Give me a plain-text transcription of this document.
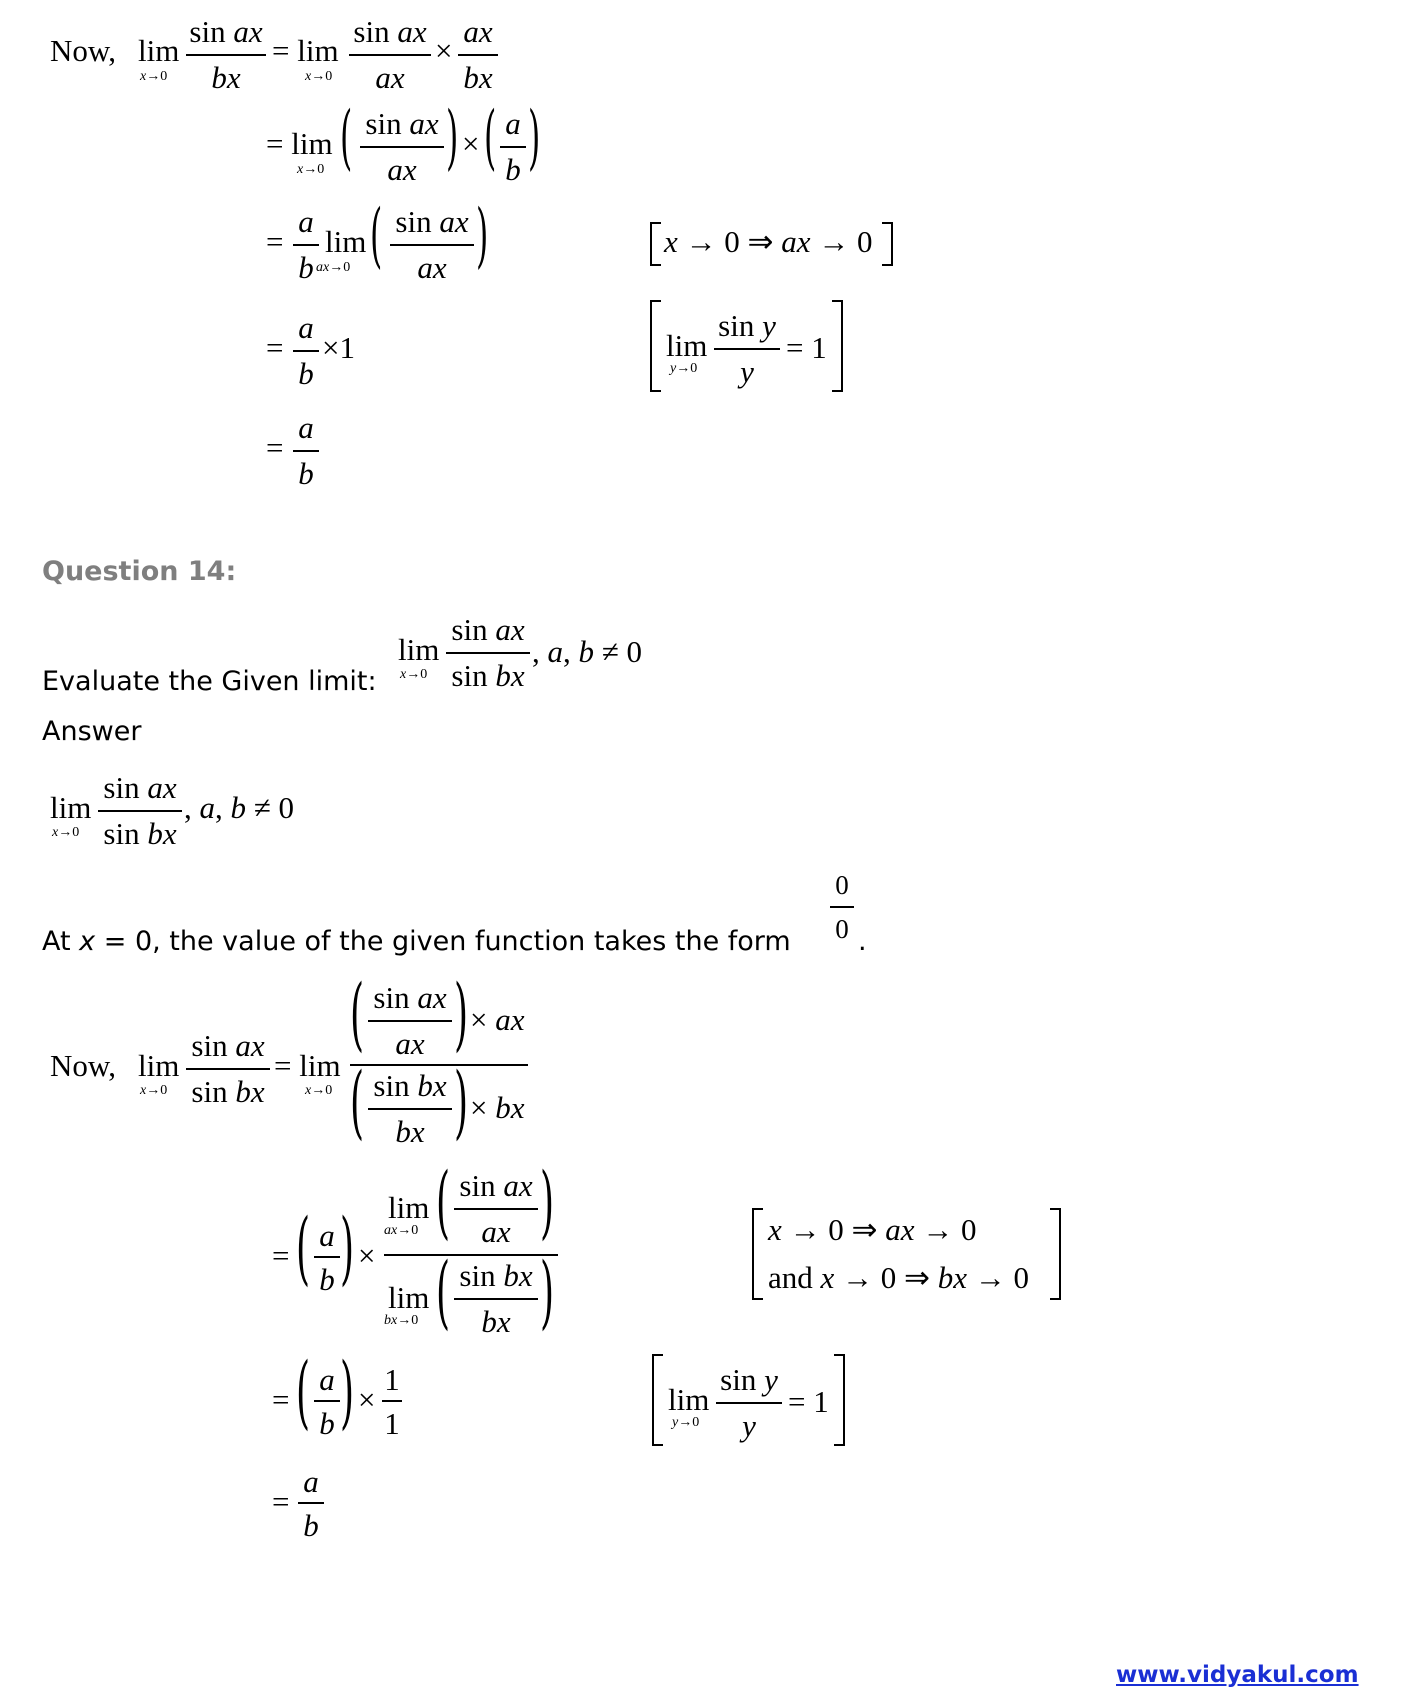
Now, lim
x→0
sin ax
bx
= lim
x→0
sin ax
ax
×
ax
bx
= lim
x→0 ( sin ax
ax ) × ( a
b )
=
a
b
lim
ax→0 ( sin ax
ax )	x → 0 ⇒ ax → 0
=
a
b
×1	lim
y→0
sin y
y
= 1
=
a
b
Question 14:
Evaluate the Given limit:
lim
x→0
sin ax
sin bx
, a, b ≠ 0
Answer
lim
x→0
sin ax
sin bx
, a, b ≠ 0
At x = 0, the value of the given function takes the form
0
0 .
Now, lim
x→0
sin ax
sin bx
= lim
x→0
( sin ax
ax ) × ax
( sin bx
bx ) × bx
= ( a
b ) ×
lim
ax→0 ( sin ax
ax )
lim
bx→0 ( sin bx
bx )
x → 0 ⇒ ax → 0
and x → 0 ⇒ bx → 0
= ( a
b ) ×
1
1
lim
y→0
sin y
y
= 1
=
a
b
www.vidyakul.com
